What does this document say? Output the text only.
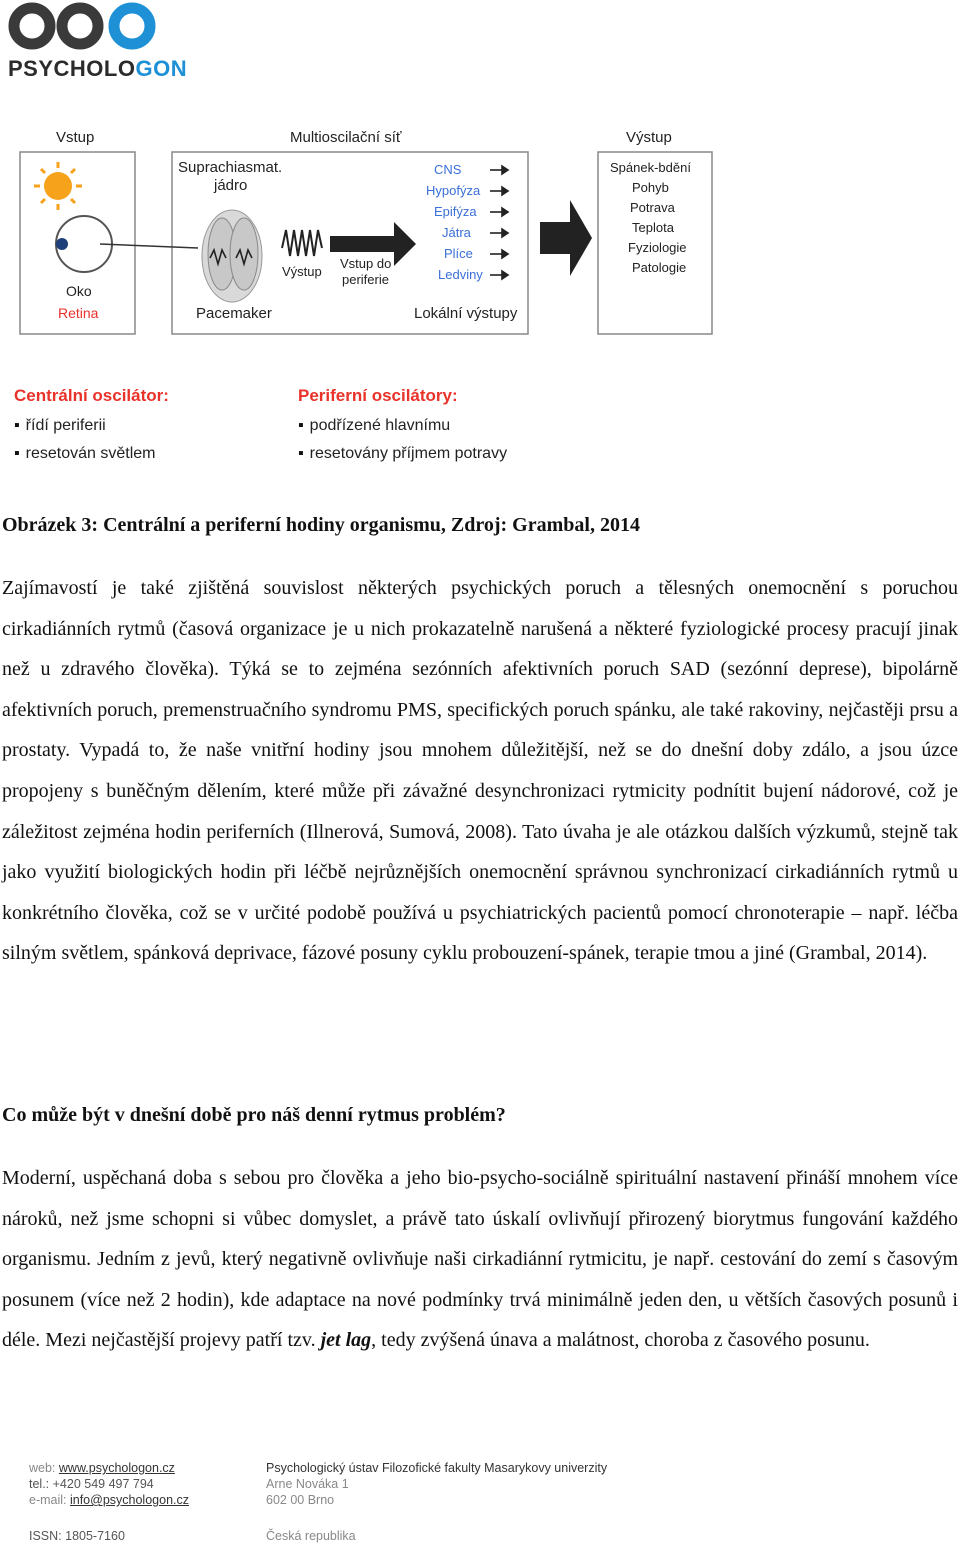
PSYCHOLOGON
Vstup	Multioscilační síť	Výstup
Oko
Retina
Suprachiasmat. jádro
Výstup
Vstup do periferie
Pacemaker
CNS
Hypofýza
Epifýza
Játra
Plíce
Ledviny
Lokální výstupy
Spánek-bdění
Pohyb
Potrava
Teplota
Fyziologie
Patologie
Centrální oscilátor:
▪ řídí periferii
▪ resetován světlem
Periferní oscilátory:
▪ podřízené hlavnímu
▪ resetovány příjmem potravy
Obrázek 3: Centrální a periferní hodiny organismu, Zdroj: Grambal, 2014

Zajímavostí je také zjištěná souvislost některých psychických poruch a tělesných onemocnění s poruchou cirkadiánních rytmů (časová organizace je u nich prokazatelně narušená a některé fyziologické procesy pracují jinak než u zdravého člověka). Týká se to zejména sezónních afektivních poruch SAD (sezónní deprese), bipolárně afektivních poruch, premenstruačního syndromu PMS, specifických poruch spánku, ale také rakoviny, nejčastěji prsu a prostaty. Vypadá to, že naše vnitřní hodiny jsou mnohem důležitější, než se do dnešní doby zdálo, a jsou úzce propojeny s buněčným dělením, které může při závažné desynchronizaci rytmicity podnítit bujení nádorové, což je záležitost zejména hodin periferních (Illnerová, Sumová, 2008). Tato úvaha je ale otázkou dalších výzkumů, stejně tak jako využití biologických hodin při léčbě nejrůznějších onemocnění správnou synchronizací cirkadiánních rytmů u konkrétního člověka, což se v určité podobě používá u psychiatrických pacientů pomocí chronoterapie – např. léčba silným světlem, spánková deprivace, fázové posuny cyklu probouzení-spánek, terapie tmou a jiné (Grambal, 2014).

Co může být v dnešní době pro náš denní rytmus problém?

Moderní, uspěchaná doba s sebou pro člověka a jeho bio-psycho-sociálně spirituální nastavení přináší mnohem více nároků, než jsme schopni si vůbec domyslet, a právě tato úskalí ovlivňují přirozený biorytmus fungování každého organismu. Jedním z jevů, který negativně ovlivňuje naši cirkadiánní rytmicitu, je např. cestování do zemí s časovým posunem (více než 2 hodin), kde adaptace na nové podmínky trvá minimálně jeden den, u větších časových posunů i déle. Mezi nejčastější projevy patří tzv. jet lag, tedy zvýšená únava a malátnost, choroba z časového posunu.

web: www.psychologon.cz
tel.: +420 549 497 794
e-mail: info@psychologon.cz
Psychologický ústav Filozofické fakulty Masarykovy univerzity
Arne Nováka 1
602 00 Brno
ISSN: 1805-7160	Česká republika
